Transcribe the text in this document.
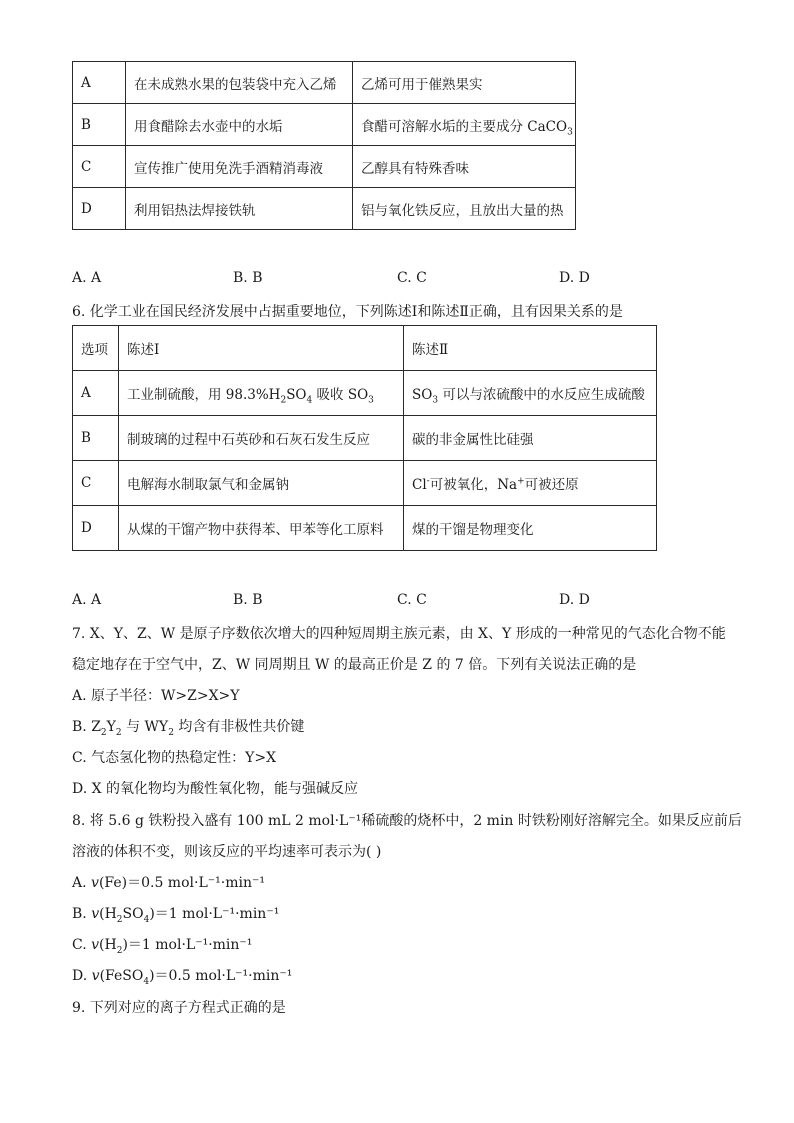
A	在未成熟水果的包装袋中充入乙烯	乙烯可用于催熟果实
B	用食醋除去水壶中的水垢	食醋可溶解水垢的主要成分 CaCO$_3$
C	宣传推广使用免洗手酒精消毒液	乙醇具有特殊香味
D	利用铝热法焊接铁轨	铝与氧化铁反应，且放出大量的热
A. A	B. B	C. C	D. D
6. 化学工业在国民经济发展中占据重要地位，下列陈述Ⅰ和陈述Ⅱ正确，且有因果关系的是
选项	陈述Ⅰ	陈述Ⅱ
A	工业制硫酸，用 $98.3\%H_2SO_4$ 吸收 $SO_3$	$SO_3$ 可以与浓硫酸中的水反应生成硫酸
B	制玻璃的过程中石英砂和石灰石发生反应	碳的非金属性比硅强
C	电解海水制取氯气和金属钠	Cl-可被氧化，Na+可被还原
D	从煤的干馏产物中获得苯、甲苯等化工原料	煤的干馏是物理变化
A. A	B. B	C. C	D. D
7. X、Y、Z、W 是原子序数依次增大的四种短周期主族元素，由 X、Y 形成的一种常见的气态化合物不能
稳定地存在于空气中，Z、W 同周期且 W 的最高正价是 Z 的 7 倍。下列有关说法正确的是
A. 原子半径：W>Z>X>Y
B. $Z_2Y_2$ 与 $WY_2$ 均含有非极性共价键
C. 气态氢化物的热稳定性：Y>X
D. X 的氧化物均为酸性氧化物，能与强碱反应
8. 将 5.6 g 铁粉投入盛有 100 mL 2 mol·L⁻¹稀硫酸的烧杯中，2 min 时铁粉刚好溶解完全。如果反应前后
溶液的体积不变，则该反应的平均速率可表示为( )
A. v(Fe)＝0.5 mol·L⁻¹·min⁻¹
B. $v(H_2SO_4)=1$ mol·L⁻¹·min⁻¹
C. $v(H_2)=1$ mol·L⁻¹·min⁻¹
D. v(FeSO$_4$)＝0.5 mol·L⁻¹·min⁻¹
9. 下列对应的离子方程式正确的是
